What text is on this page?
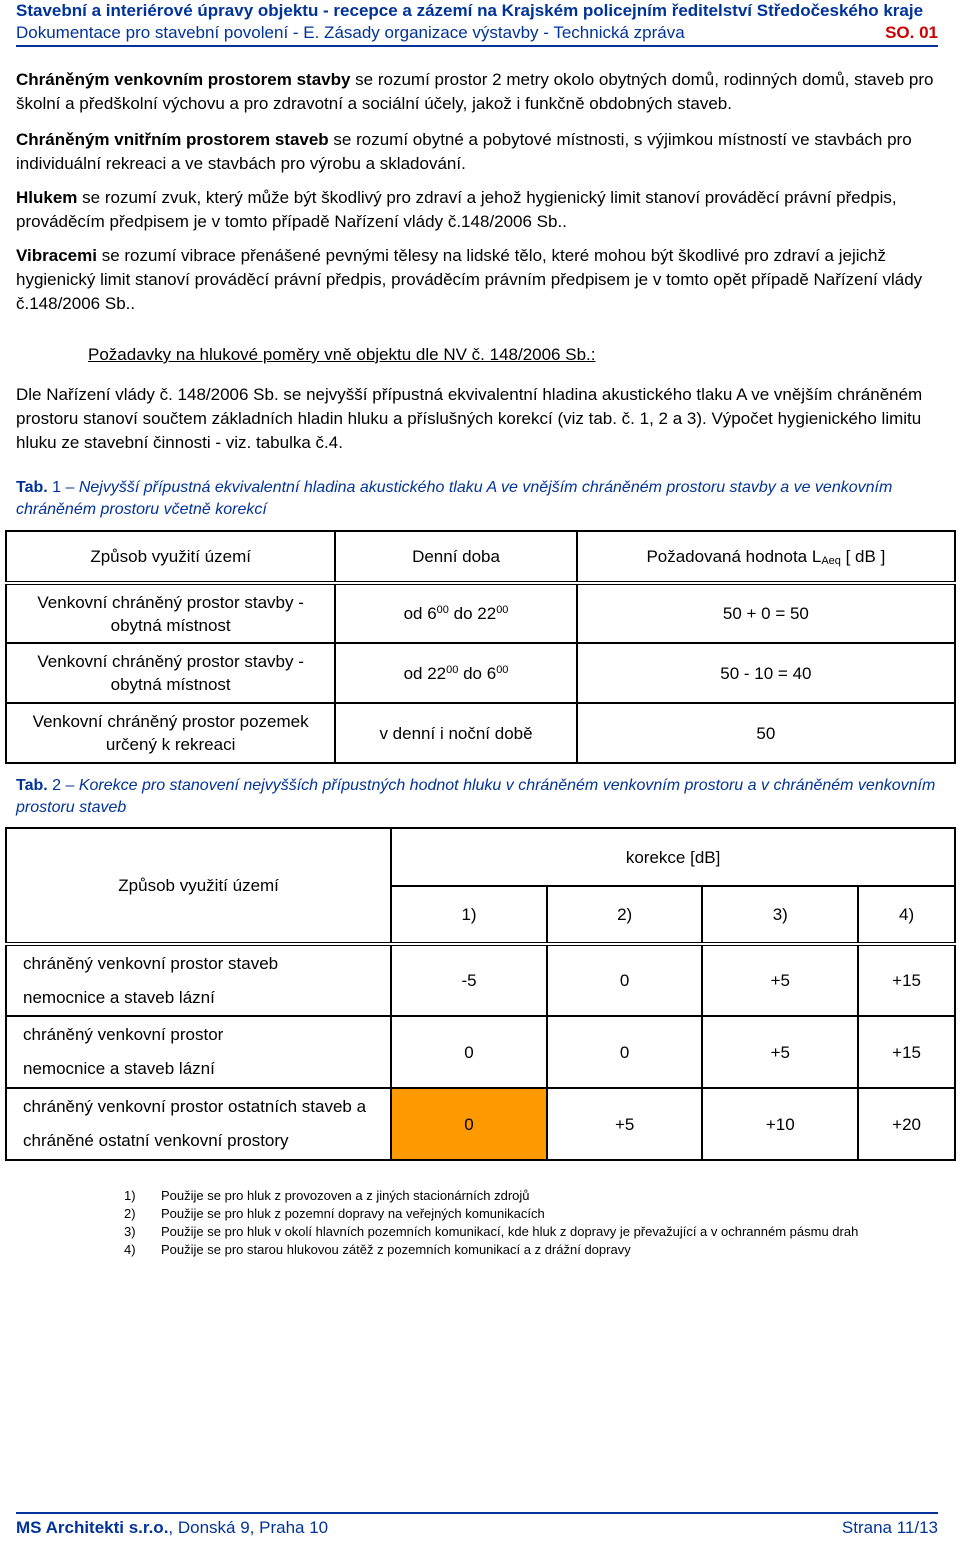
Stavební a interiérové úpravy objektu - recepce a zázemí na Krajském policejním ředitelství Středočeského kraje
Dokumentace pro stavební povolení - E. Zásady organizace výstavby - Technická zpráva	SO. 01
Chráněným venkovním prostorem stavby se rozumí prostor 2 metry okolo obytných domů, rodinných domů, staveb pro školní a předškolní výchovu a pro zdravotní a sociální účely, jakož i funkčně obdobných staveb.
Chráněným vnitřním prostorem staveb se rozumí obytné a pobytové místnosti, s výjimkou místností ve stavbách pro individuální rekreaci a ve stavbách pro výrobu a skladování.
Hlukem se rozumí zvuk, který může být škodlivý pro zdraví a jehož hygienický limit stanoví prováděcí právní předpis, prováděcím předpisem je v tomto případě Nařízení vlády č.148/2006 Sb..
Vibracemi se rozumí vibrace přenášené pevnými tělesy na lidské tělo, které mohou být škodlivé pro zdraví a jejichž hygienický limit stanoví prováděcí právní předpis, prováděcím právním předpisem je v tomto opět případě Nařízení vlády č.148/2006 Sb..
Požadavky na hlukové poměry vně objektu dle NV č. 148/2006 Sb.:
Dle Nařízení vlády č. 148/2006 Sb. se nejvyšší přípustná ekvivalentní hladina akustického tlaku A ve vnějším chráněném prostoru stanoví součtem základních hladin hluku a příslušných korekcí (viz tab. č. 1, 2 a 3). Výpočet hygienického limitu hluku ze stavební činnosti - viz. tabulka č.4.
Tab. 1 – Nejvyšší přípustná ekvivalentní hladina akustického tlaku A ve vnějším chráněném prostoru stavby a ve venkovním chráněném prostoru včetně korekcí
Způsob využití území	Denní doba	Požadovaná hodnota $L_{Aeq}$ [ dB ]
Venkovní chráněný prostor stavby - obytná místnost	od $6^{00}$ do $22^{00}$	50 + 0 = 50
Venkovní chráněný prostor stavby - obytná místnost	od $22^{00}$ do $6^{00}$	50 - 10 = 40
Venkovní chráněný prostor pozemek určený k rekreaci	v denní i noční době	50
Tab. 2 – Korekce pro stanovení nejvyšších přípustných hodnot hluku v chráněném venkovním prostoru a v chráněném venkovním prostoru staveb
Způsob využití území	korekce [dB]			
	1)	2)	3)	4)

chráněný venkovní prostor staveb
nemocnice a staveb lázní	-5	0	+5	+15

chráněný venkovní prostor
nemocnice a staveb lázní	0	0	+5	+15

chráněný venkovní prostor ostatních staveb a
chráněné ostatní venkovní prostory	0	+5	+10	+20
1)	Použije se pro hluk z provozoven a z jiných stacionárních zdrojů
2)	Použije se pro hluk z pozemní dopravy na veřejných komunikacích
3)	Použije se pro hluk v okolí hlavních pozemních komunikací, kde hluk z dopravy je převažující a v ochranném pásmu drah
4)	Použije se pro starou hlukovou zátěž z pozemních komunikací a z drážní dopravy
MS Architekti s.r.o., Donská 9, Praha 10	Strana 11/13
